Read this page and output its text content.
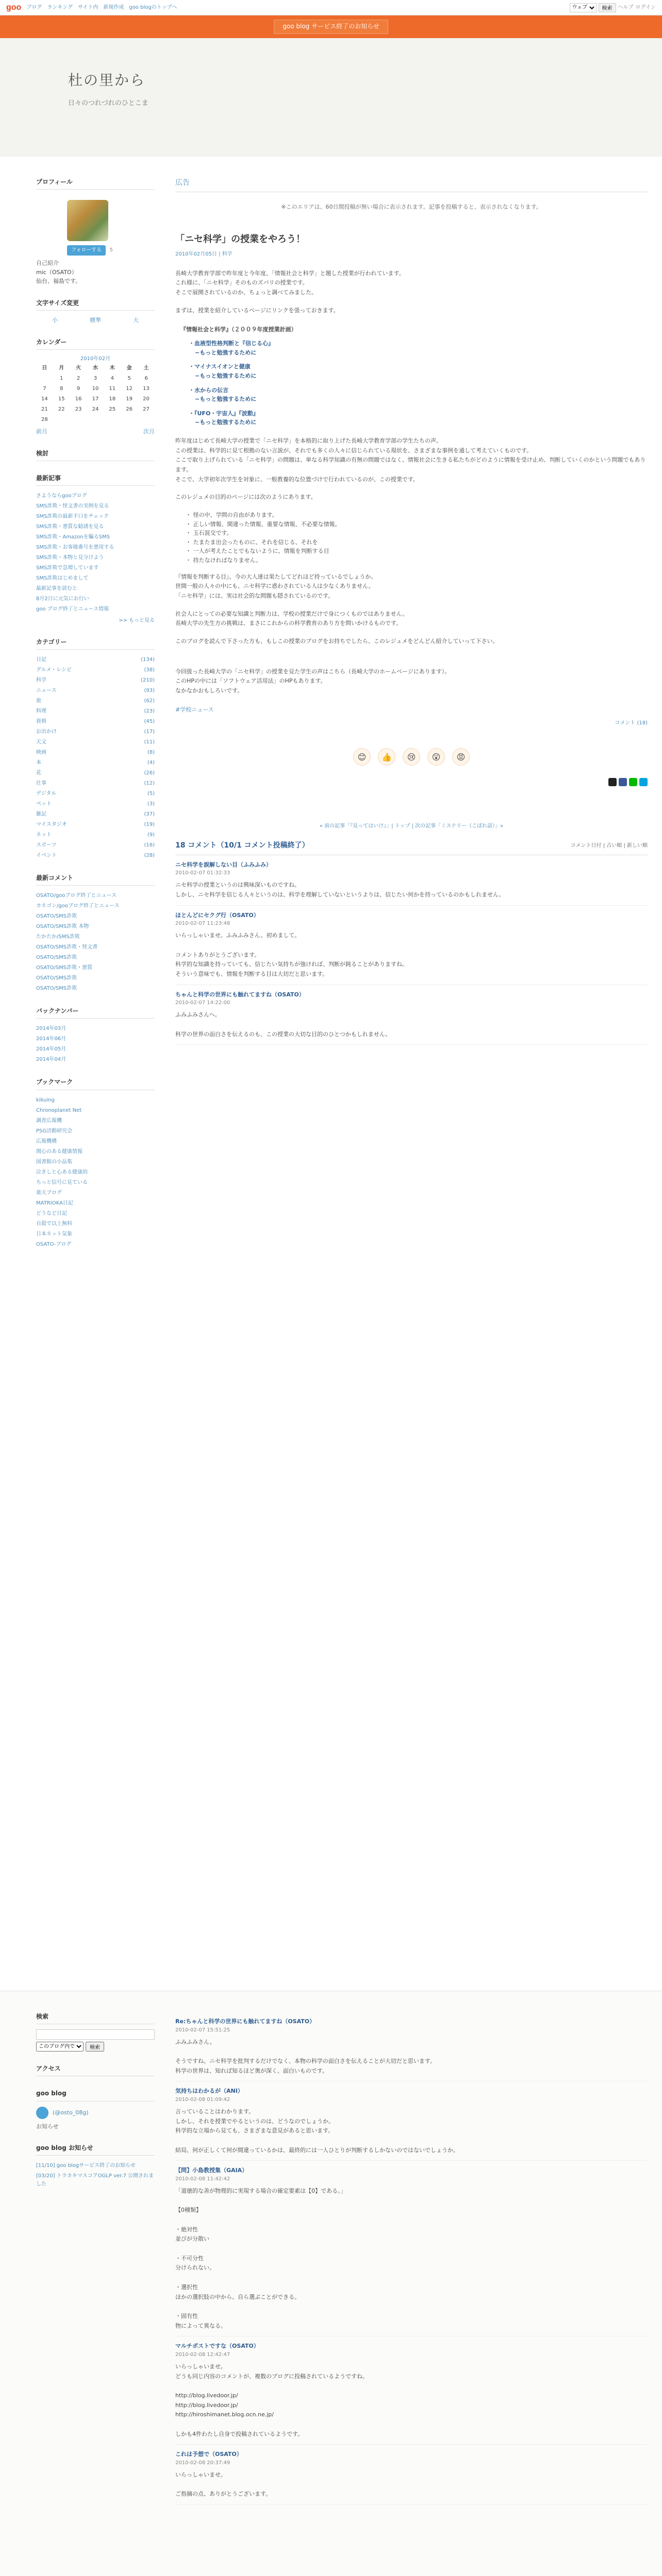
goo ブログ ランキング サイト内 新規作成 goo blogのトップへ
ウェブ	検索	ヘルプ ログイン
goo blog サービス終了のお知らせ
杜の里から

日々のつれづれのひとこま

プロフィール
フォローする 5
自己紹介
mic（OSATO）
仙台、福島です。
文字サイズ変更
小	標準	大
カレンダー
2010年02月
日	月	火	水	木	金	土
	1	2	3	4	5	6
7	8	9	10	11	12	13
14	15	16	17	18	19	20
21	22	23	24	25	26	27
28						
前月	次月
検討
最新記事
さようならgooブログ
SMS詐欺・怪文書の実例を見る
SMS詐欺の最新手口をチェック
SMS詐欺・悪質な勧誘を見る
SMS詐欺・Amazonを騙るSMS
SMS詐欺・お客様番号を悪用する
SMS詐欺・本物と見分けよう
SMS詐欺で急増しています
SMS詐欺はじめまして
最新記事を読むと
8月2日に元気にお行い
goo ブログ終了とニュース情報
>> もっと見る
カテゴリー
日記	(134)
グルメ・レシピ	(38)
科学	(210)
ニュース	(93)
旅	(62)
料理	(23)
資格	(45)
お出かけ	(17)
天文	(11)
映画	(8)
本	(4)
花	(26)
仕事	(12)
デジタル	(5)
ペット	(3)
雑記	(37)
マイスタジオ	(19)
ネット	(9)
スポーツ	(16)
イベント	(28)
最新コメント
OSATO/gooブログ終了とニュース
カネゴン/gooブログ終了とニュース
OSATO/SMS詐欺
OSATO/SMS詐欺 本物
たかたか/SMS詐欺
OSATO/SMS詐欺・怪文書
OSATO/SMS詐欺
OSATO/SMS詐欺・悪質
OSATO/SMS詐欺
OSATO/SMS詐欺
バックナンバー
2014年03月
2014年06月
2014年05月
2014年04月
ブックマーク
kikuing
Chronoplanet Net
調査広報機
PSG活動研究会
広報機構
関心のある健康情報
図書館の小品集
泣きしと心ある健康的
ちっと信号に見ている
楽天ブログ
MATRIOKA日記
どうなど日記
自殺で以上無料
日本ネット気象
OSATO-ブログ
広告
※このエリアは、60日間投稿が無い場合に表示されます。記事を投稿すると、表示されなくなります。
「ニセ科学」の授業をやろう！
2010年02月05日 | 科学
長崎大学教育学部で昨年度と今年度、「情報社会と科学」と題した授業が行われています。
これ様に、「ニセ科学」そのものズバリの授業です。
そこで展開されているのか、ちょっと調べてみました。
まずは、授業を紹介しているページにリンクを張っておきます。
『情報社会と科学』（２００９年度授業計画）
・血液型性格判断と『信じる心』
−もっと勉強するために
・マイナスイオンと健康
−もっと勉強するために
・水からの伝言
−もっと勉強するために
・『UFO・宇宙人』『波動』
−もっと勉強するために
昨年度はじめて長崎大学の授業で「ニセ科学」を本格的に取り上げた長崎大学教育学部の学生たちの声。
この授業は、科学的に見て根拠のない言説が、それでも多くの人々に信じられている現状を、さまざまな事例を通して考えていくものです。
ここで取り上げられている「ニセ科学」の問題は、単なる科学知識の有無の問題ではなく、情報社会に生きる私たちがどのように情報を受け止め、判断していくのかという問題でもあります。
そこで、大学初年次学生を対象に、一般教養的な位置づけで行われているのが、この授業です。
このレジュメの目的のページには次のようにあります。
・ 怪の中、学問の自由があります。
・ 正しい情報、間違った情報、重要な情報、不必要な情報。
・ 玉石混交です。
・ たまたま出会ったものに、それを信じる、それを
・ 一人が考えたことでもないように、情報を判断する目
・ 持たなければなりません。
『情報を判断する目』、今の大人達は果たしてどれほど持っているでしょうか。
世間一般の人々の中にも、ニセ科学に惑わされている人は少なくありません。
「ニセ科学」には、実は社会的な問題も隠されているのです。
社会人にとっての必要な知識と判断力は、学校の授業だけで身につくものではありません。
長崎大学の先生方の挑戦は、まさにこれからの科学教育のあり方を問いかけるものです。
このブログを読んで下さった方も、もしこの授業のブログをお持ちでしたら、このレジュメをどんどん紹介していって下さい。
今回扱った長崎大学の「ニセ科学」の授業を見た学生の声はこちら（長崎大学のホームページにあります）。
このHPの中には「ソフトウェア活用法」のHPもあります。
なかなかおもしろいです。
#学校ニュース
コメント (18)
😊	👍	😢	😲	😡
« 前の記事「『見ってはいけ』」| トップ | 次の記事「ミステリー（こぼれ話）」»
18 コメント（10/1 コメント投稿終了）	コメント日付 | 古い順 | 新しい順
ニセ科学を誤解しない目（ふみふみ）
2010-02-07 01:32:33
ニセ科学の授業というのは興味深いものですね。
しかし、ニセ科学を信じる人々というのは、科学を理解していないというよりは、信じたい何かを持っているのかもしれません。
ほとんどにセクグ行（OSATO）
2010-02-07 11:23:48
いらっしゃいませ。ふみふみさん。初めまして。

コメントありがとうございます。
科学的な知識を持っていても、信じたい気持ちが強ければ、判断が鈍ることがありますね。
そういう意味でも、情報を判断する目は大切だと思います。
ちゃんと科学の世界にも触れてますね（OSATO）
2010-02-07 14:22:00
ふみふみさんへ。

科学の世界の面白さを伝えるのも、この授業の大切な目的のひとつかもしれません。
検索
このブログ内で
検索
アクセス
goo blog
(@osto_08g)
お知らせ
goo blog お知らせ
[11/10] goo blogサービス終了のお知らせ
[03/20] トラカキマスコアOGLP ver.7 公開されました
Re:ちゃんと科学の世界にも触れてますね（OSATO）
2010-02-07 15:51:25
ふみふみさん。

そうですね。ニセ科学を批判するだけでなく、本物の科学の面白さを伝えることが大切だと思います。
科学の世界は、知れば知るほど奥が深く、面白いものです。
気持ちはわかるが（ANI）
2010-02-08 01:09:42
言っていることはわかります。
しかし、それを授業でやるというのは、どうなのでしょうか。
科学的な立場から見ても、さまざまな意見があると思います。

結局、何が正しくて何が間違っているかは、最終的には一人ひとりが判断するしかないのではないでしょうか。
【問】小島教授集（GAIA）
2010-02-08 11:42:42
「道徳的な善が物理的に実現する場合の確定要素は【0】である。」

【0種類】

・絶対性
並びが分散い

・不可分性
分けられない。

・選択性
ほかの選択肢の中から、自ら選ぶことができる。

・固有性
物によって異なる。
マルチポストですな（OSATO）
2010-02-08 12:42:47
いらっしゃいませ。
どうも同じ内容のコメントが、複数のブログに投稿されているようですね。

http://blog.livedoor.jp/
http://blog.livedoor.jp/
http://hiroshimanet.blog.ocn.ne.jp/

しかも4件わたし自身で投稿されているようです。
これは予想で（OSATO）
2010-02-08 20:37:49
いらっしゃいませ。

ご指摘の点、ありがとうございます。
